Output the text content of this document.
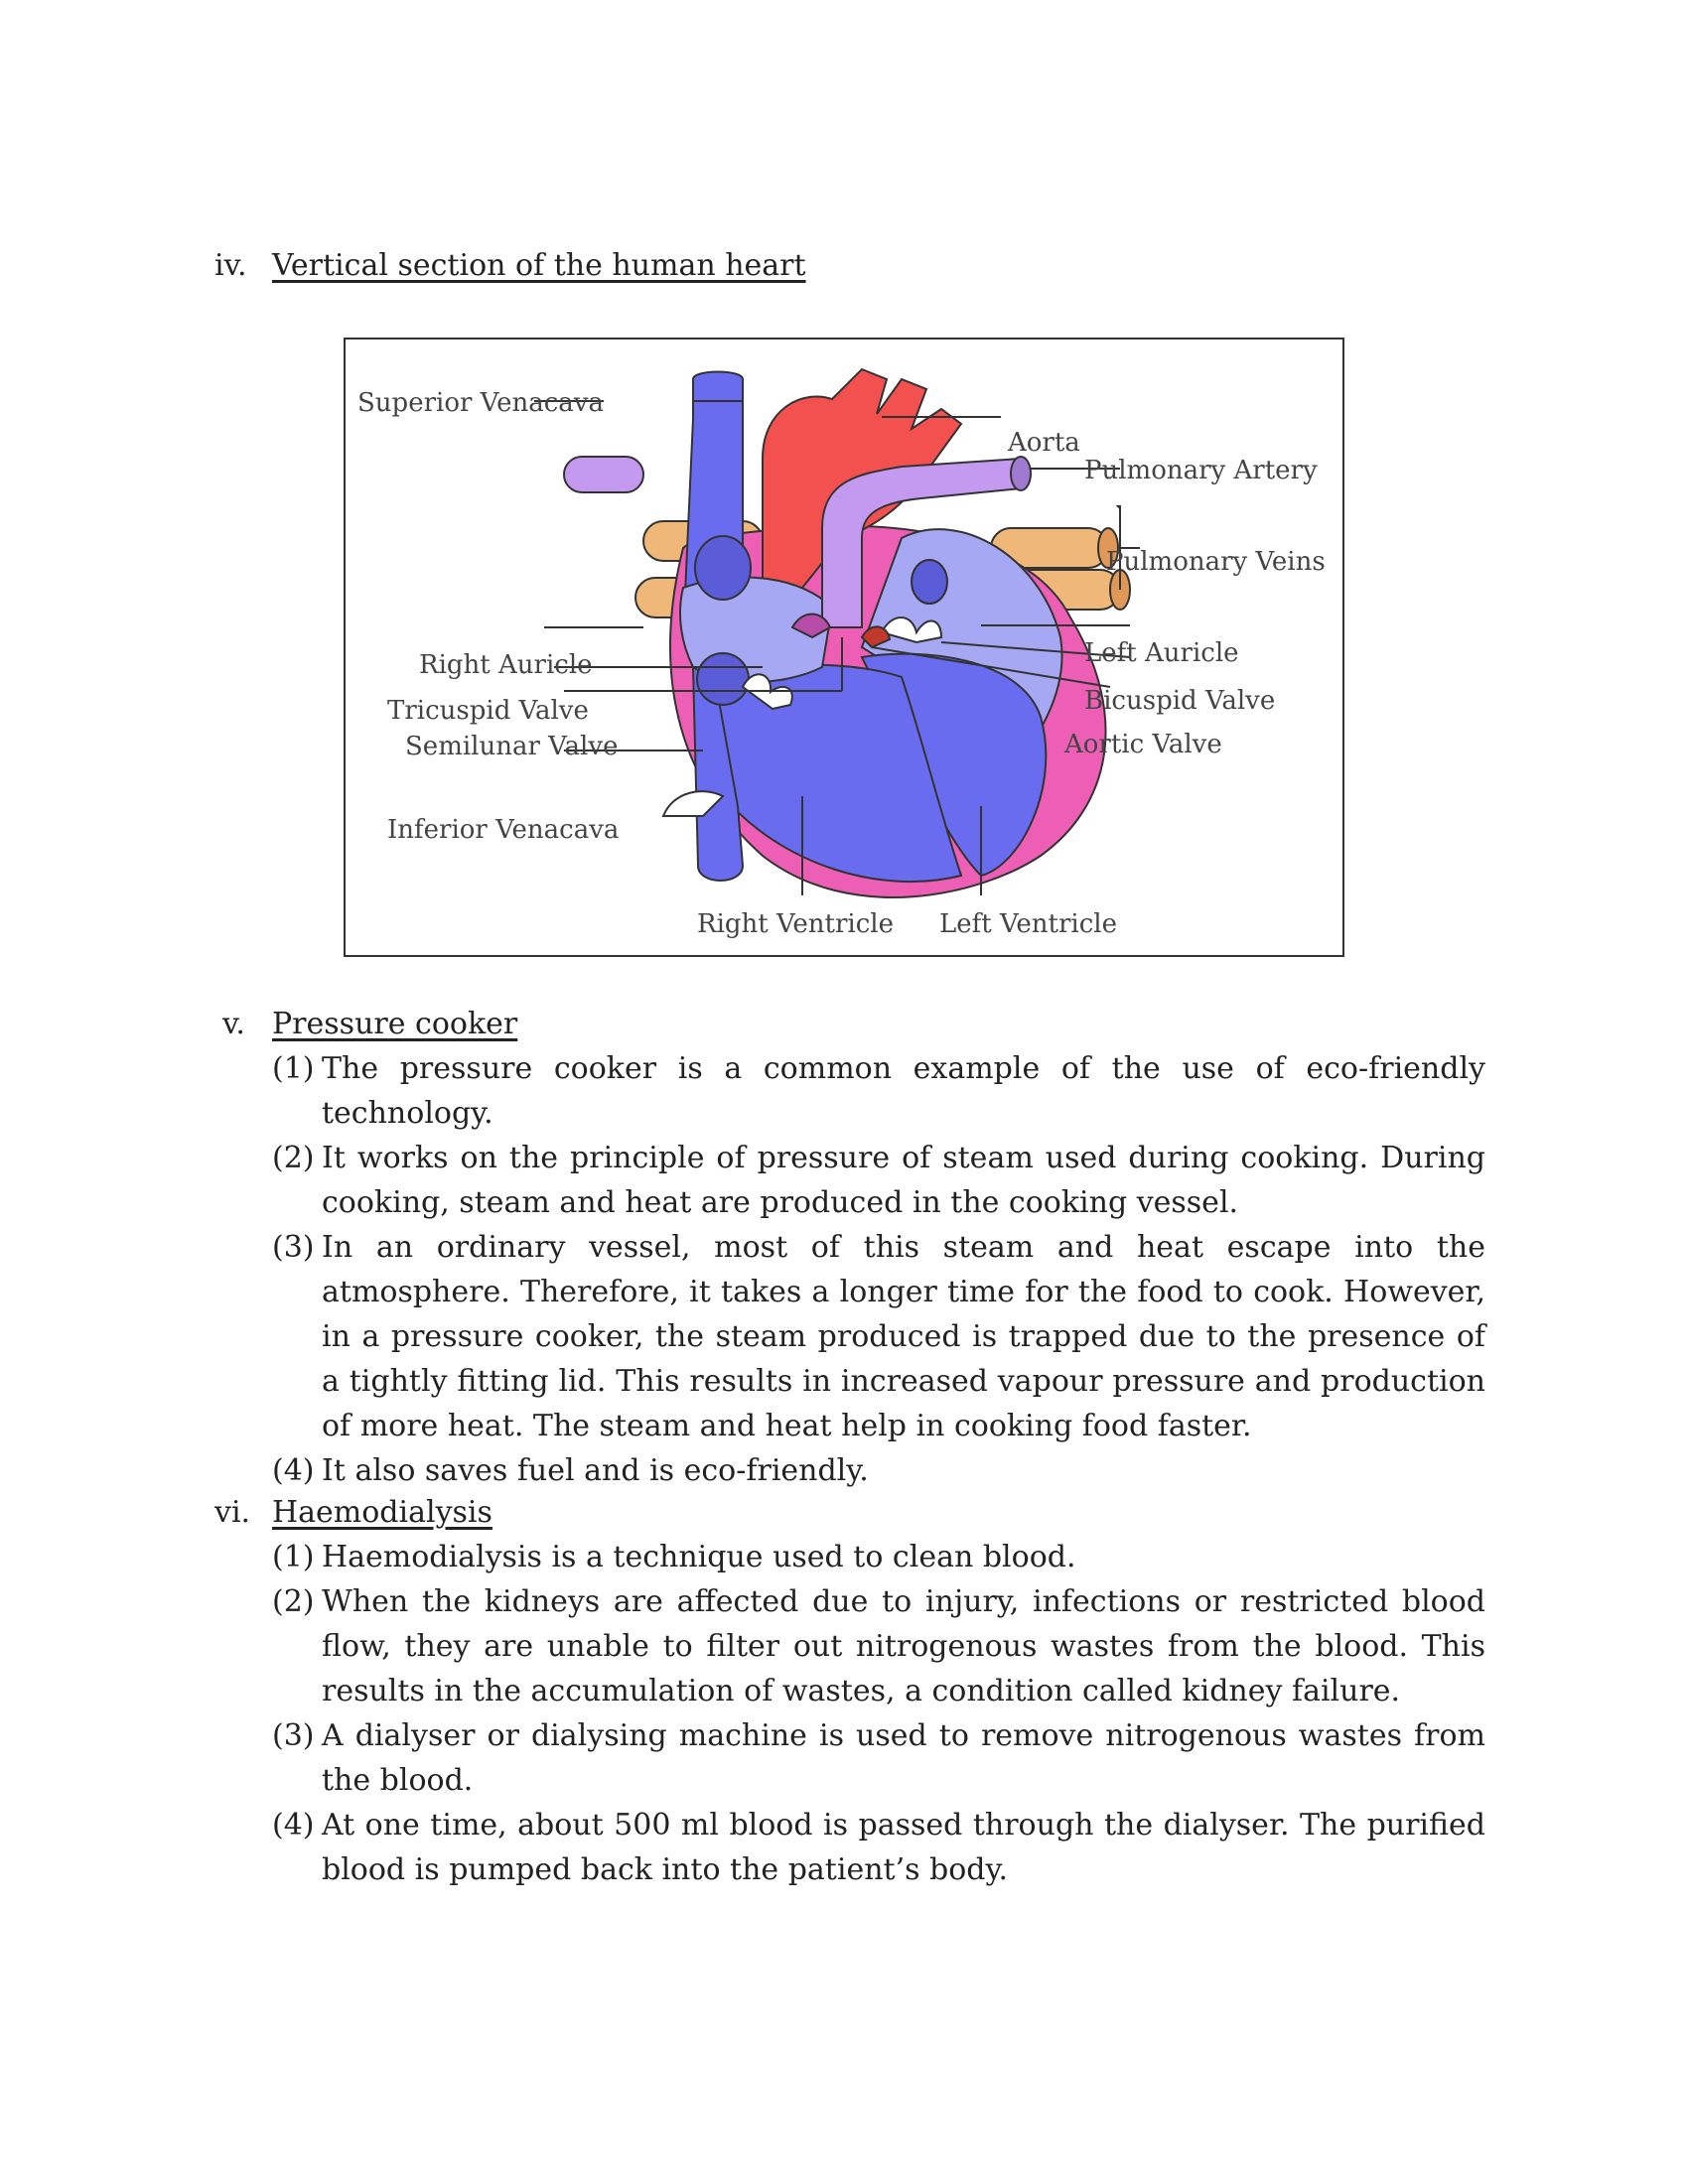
iv. Vertical section of the human heart
Superior Venacava
Aorta
Pulmonary Artery
Pulmonary Veins
Right Auricle	Left Auricle
Bicuspid Valve
Tricuspid Valve
Aortic Valve
Semilunar Valve
Inferior Venacava
Right Ventricle Left Ventricle
v. Pressure cooker
(1) The pressure cooker is a common example of the use of eco-friendly technology.
(2) It works on the principle of pressure of steam used during cooking. During cooking, steam and heat are produced in the cooking vessel.
(3) In an ordinary vessel, most of this steam and heat escape into the atmosphere. Therefore, it takes a longer time for the food to cook. However, in a pressure cooker, the steam produced is trapped due to the presence of a tightly fitting lid. This results in increased vapour pressure and production of more heat. The steam and heat help in cooking food faster.
(4) It also saves fuel and is eco-friendly.
vi. Haemodialysis
(1) Haemodialysis is a technique used to clean blood.
(2) When the kidneys are affected due to injury, infections or restricted blood flow, they are unable to filter out nitrogenous wastes from the blood. This results in the accumulation of wastes, a condition called kidney failure.
(3) A dialyser or dialysing machine is used to remove nitrogenous wastes from the blood.
(4) At one time, about 500 ml blood is passed through the dialyser. The purified blood is pumped back into the patient’s body.
